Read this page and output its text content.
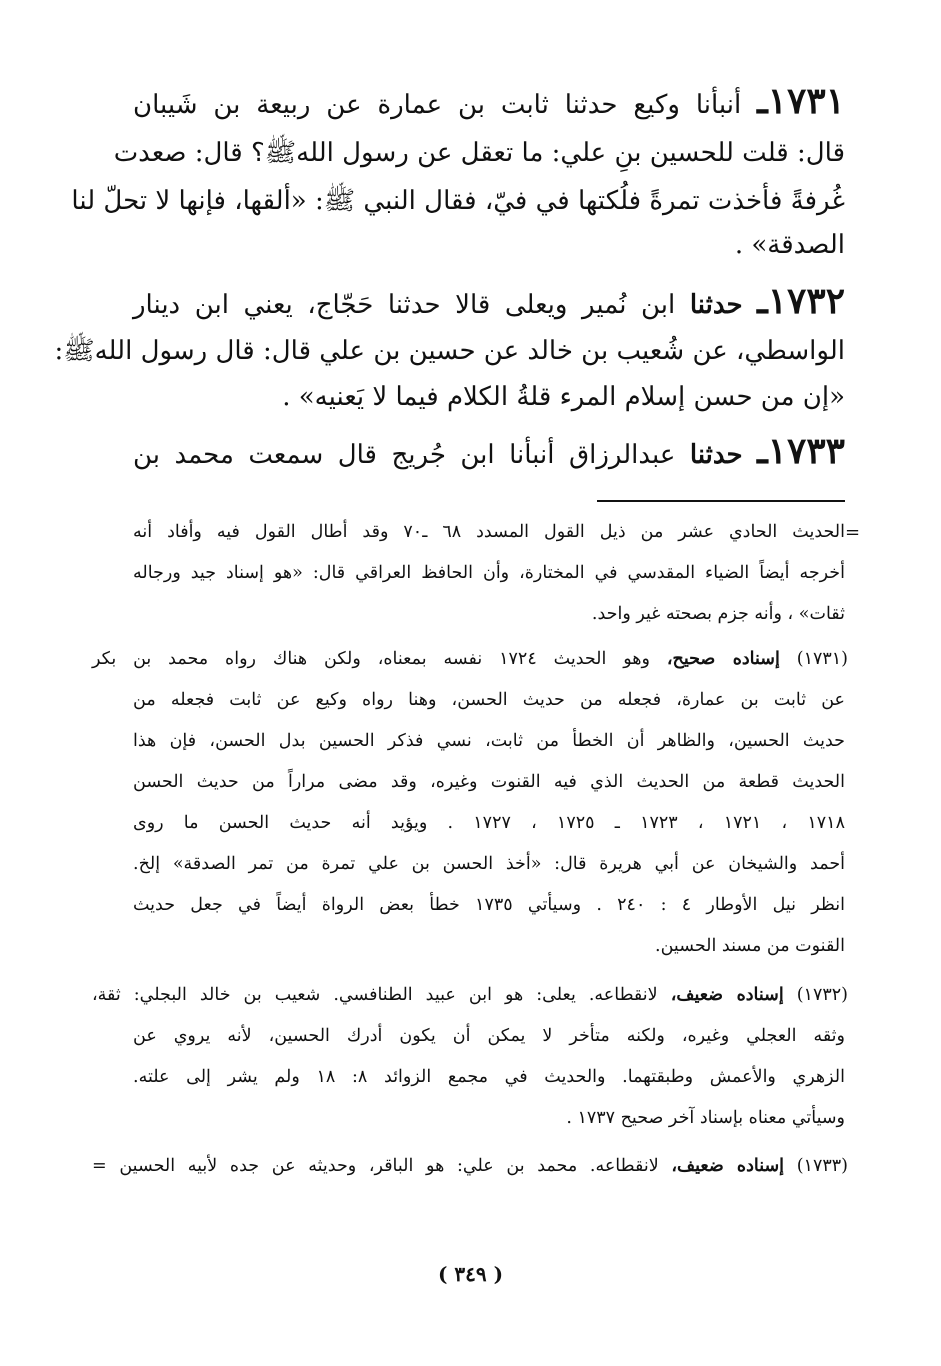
١٧٣١ـ أنبأنا وكيع حدثنا ثابت بن عمارة عن ربيعة بن شَيبان
قال: قلت للحسين بنِ علي: ما تعقل عن رسول اللهﷺ؟ قال: صعدت
غُرفةً فأخذت تمرةً فلُكتها في فيّ، فقال النبي ﷺ: «ألقها، فإنها لا تحلّ لنا
الصدقة» .
١٧٣٢ـ حدثنا ابن نُمير ويعلى قالا حدثنا حَجّاج، يعني ابن دينار
الواسطي، عن شُعيب بن خالد عن حسين بن علي قال: قال رسول اللهﷺ:
«إن من حسن إسلام المرء قلةُ الكلام فيما لا يَعنيه» .
١٧٣٣ـ حدثنا عبدالرزاق أنبأنا ابن جُريج قال سمعت محمد بن
=
الحديث الحادي عشر من ذيل القول المسدد ٦٨ ـ٧٠ وقد أطال القول فيه وأفاد أنه
أخرجه أيضاً الضياء المقدسي في المختارة، وأن الحافظ العراقي قال: «هو إسناد جيد ورجاله
ثقات» ، وأنه جزم بصحته غير واحد.
(١٧٣١) إسناده صحيح، وهو الحديث ١٧٢٤ نفسه بمعناه، ولكن هناك رواه محمد بن بكر
عن ثابت بن عمارة، فجعله من حديث الحسن، وهنا رواه وكيع عن ثابت فجعله من
حديث الحسين، والظاهر أن الخطأ من ثابت، نسي فذكر الحسين بدل الحسن، فإن هذا
الحديث قطعة من الحديث الذي فيه القنوت وغيره، وقد مضى مراراً من حديث الحسن
١٧١٨ ، ١٧٢١ ، ١٧٢٣ ـ ١٧٢٥ ، ١٧٢٧ . ويؤيد أنه حديث الحسن ما روى
أحمد والشيخان عن أبي هريرة قال: «أخذ الحسن بن علي تمرة من تمر الصدقة» إلخ.
انظر نيل الأوطار ٤ : ٢٤٠ . وسيأتي ١٧٣٥ خطأ بعض الرواة أيضاً في جعل حديث
القنوت من مسند الحسين.
(١٧٣٢) إسناده ضعيف، لانقطاعه. يعلى: هو ابن عبيد الطنافسي. شعيب بن خالد البجلي: ثقة،
وثقه العجلي وغيره، ولكنه متأخر لا يمكن أن يكون أدرك الحسين، لأنه يروي عن
الزهري والأعمش وطبقتهما. والحديث في مجمع الزوائد ٨: ١٨ ولم يشر إلى علته.
وسيأتي معناه بإسناد آخر صحيح ١٧٣٧ .
(١٧٣٣) إسناده ضعيف، لانقطاعه. محمد بن علي: هو الباقر، وحديثه عن جده لأبيه الحسين =
( ٣٤٩ )
